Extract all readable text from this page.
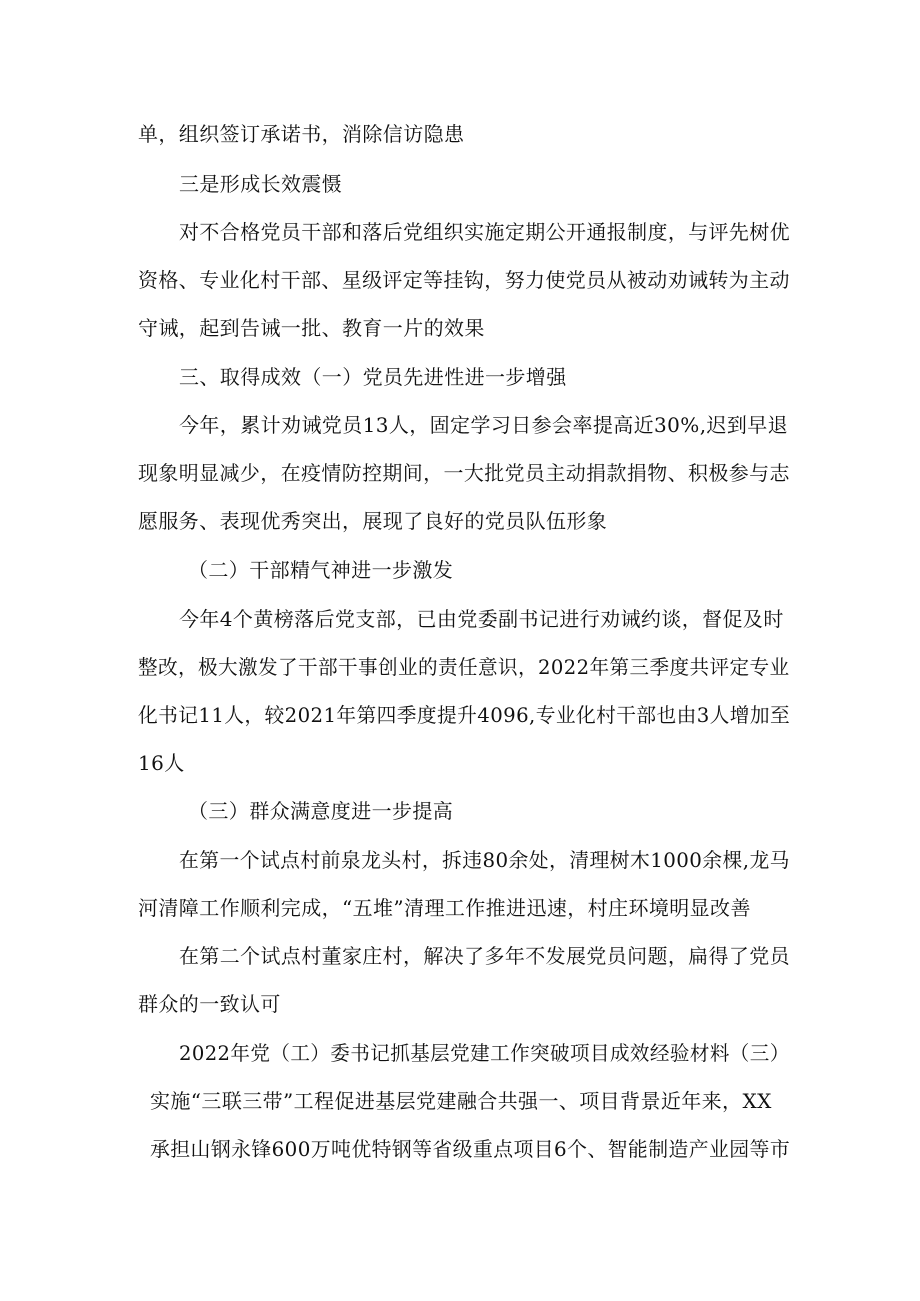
单，组织签订承诺书，消除信访隐患
三是形成长效震慑
对不合格党员干部和落后党组织实施定期公开通报制度，与评先树优
资格、专业化村干部、星级评定等挂钩，努力使党员从被动劝诫转为主动
守诫，起到告诫一批、教育一片的效果
三、取得成效（一）党员先进性进一步增强
今年，累计劝诫党员13人，固定学习日参会率提高近30%,迟到早退
现象明显减少，在疫情防控期间，一大批党员主动捐款捐物、积极参与志
愿服务、表现优秀突出，展现了良好的党员队伍形象
（二）干部精气神进一步激发
今年4个黄榜落后党支部，已由党委副书记进行劝诫约谈，督促及时
整改，极大激发了干部干事创业的责任意识，2022年第三季度共评定专业
化书记11人，较2021年第四季度提升4096,专业化村干部也由3人增加至
16人
（三）群众满意度进一步提高
在第一个试点村前泉龙头村，拆违80余处，清理树木1000余棵,龙马
河清障工作顺利完成，“五堆”清理工作推进迅速，村庄环境明显改善
在第二个试点村董家庄村，解决了多年不发展党员问题，扁得了党员
群众的一致认可
2022年党（工）委书记抓基层党建工作突破项目成效经验材料（三）
实施“三联三带”工程促进基层党建融合共强一、项目背景近年来，XX
承担山钢永锋600万吨优特钢等省级重点项目6个、智能制造产业园等市
